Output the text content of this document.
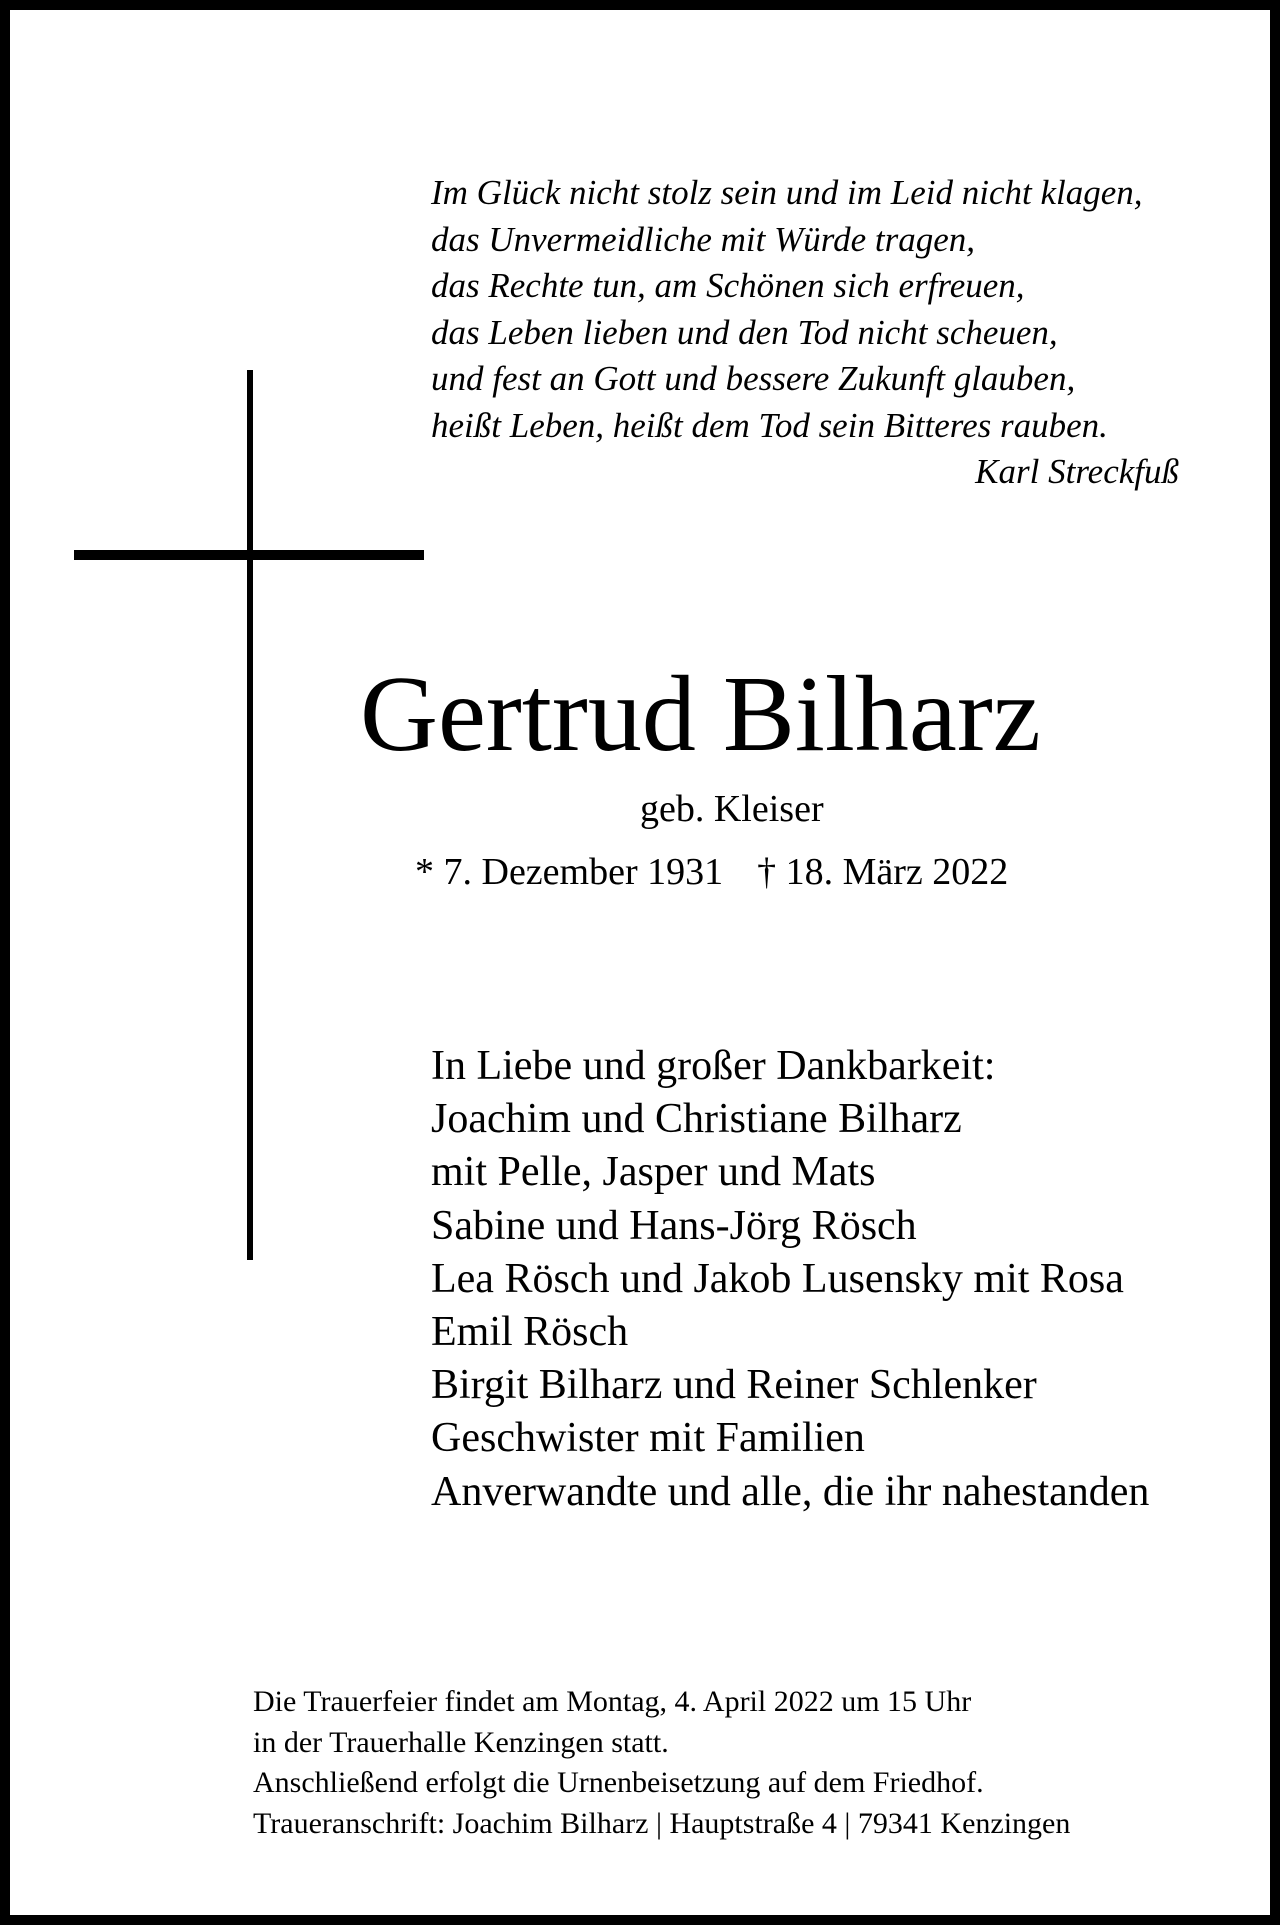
Im Glück nicht stolz sein und im Leid nicht klagen,
das Unvermeidliche mit Würde tragen,
das Rechte tun, am Schönen sich erfreuen,
das Leben lieben und den Tod nicht scheuen,
und fest an Gott und bessere Zukunft glauben,
heißt Leben, heißt dem Tod sein Bitteres rauben.
Karl Streckfuß
Gertrud Bilharz
geb. Kleiser
* 7. Dezember 1931 † 18. März 2022
In Liebe und großer Dankbarkeit:
Joachim und Christiane Bilharz
mit Pelle, Jasper und Mats
Sabine und Hans-Jörg Rösch
Lea Rösch und Jakob Lusensky mit Rosa
Emil Rösch
Birgit Bilharz und Reiner Schlenker
Geschwister mit Familien
Anverwandte und alle, die ihr nahestanden
Die Trauerfeier findet am Montag, 4. April 2022 um 15 Uhr
in der Trauerhalle Kenzingen statt.
Anschließend erfolgt die Urnenbeisetzung auf dem Friedhof.
Traueranschrift: Joachim Bilharz | Hauptstraße 4 | 79341 Kenzingen
